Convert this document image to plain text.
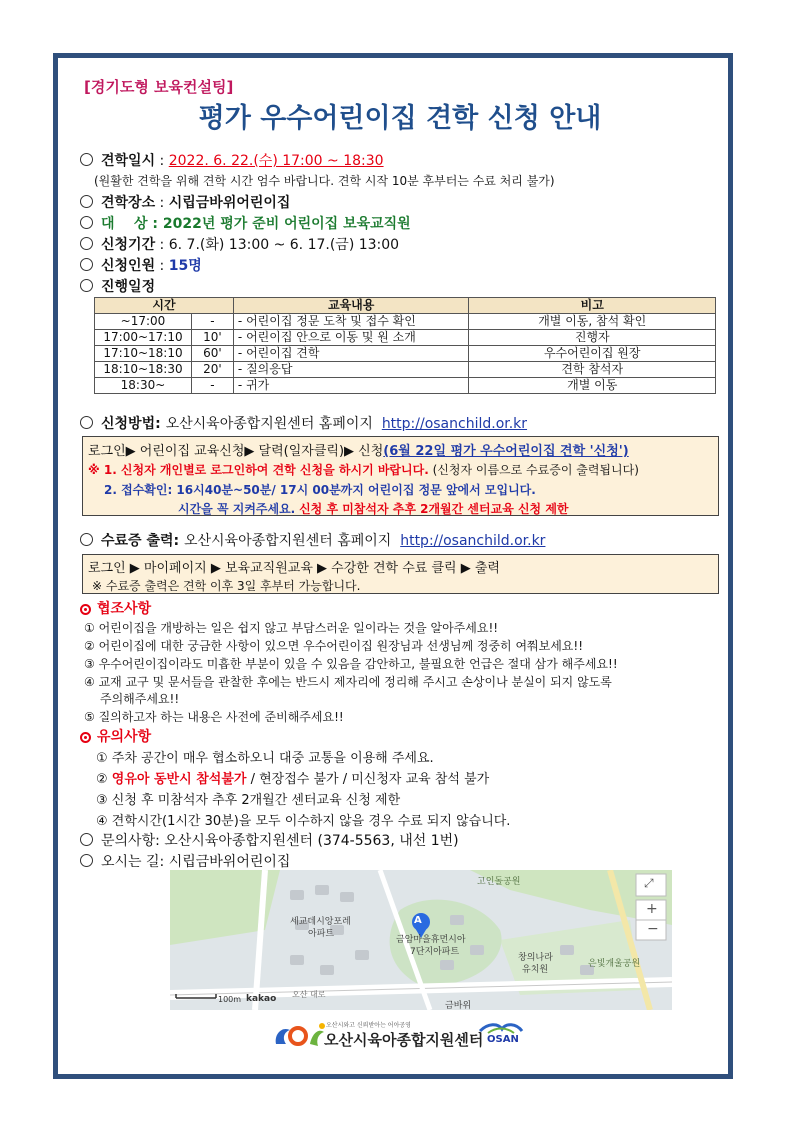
[경기도형 보육컨설팅]
평가 우수어린이집 견학 신청 안내
견학일시 : 2022. 6. 22.(수) 17:00 ~ 18:30
(원활한 견학을 위해 견학 시간 엄수 바랍니다. 견학 시작 10분 후부터는 수료 처리 불가)
견학장소 : 시립금바위어린이집
대    상 : 2022년 평가 준비 어린이집 보육교직원
신청기간 : 6. 7.(화) 13:00 ~ 6. 17.(금) 13:00
신청인원 : 15명
진행일정
시간		교육내용	비고
~17:00	-	- 어린이집 정문 도착 및 접수 확인	개별 이동, 참석 확인
17:00~17:10	10'	- 어린이집 안으로 이동 및 원 소개	진행자
17:10~18:10	60'	- 어린이집 견학	우수어린이집 원장
18:10~18:30	20'	- 질의응답	견학 참석자
18:30~	-	- 귀가	개별 이동
신청방법: 오산시육아종합지원센터 홈페이지 http://osanchild.or.kr
로그인▶ 어린이집 교육신청▶ 달력(일자클릭)▶ 신청(6월 22일 평가 우수어린이집 견학 '신청')
※ 1. 신청자 개인별로 로그인하여 견학 신청을 하시기 바랍니다. (신청자 이름으로 수료증이 출력됩니다)
2. 접수확인: 16시40분~50분/ 17시 00분까지 어린이집 정문 앞에서 모입니다.
시간을 꼭 지켜주세요. 신청 후 미참석자 추후 2개월간 센터교육 신청 제한
수료증 출력: 오산시육아종합지원센터 홈페이지 http://osanchild.or.kr
로그인 ▶ 마이페이지 ▶ 보육교직원교육 ▶ 수강한 견학 수료 클릭 ▶ 출력
※ 수료증 출력은 견학 이후 3일 후부터 가능합니다.
협조사항
① 어린이집을 개방하는 일은 쉽지 않고 부담스러운 일이라는 것을 알아주세요!!
② 어린이집에 대한 궁금한 사항이 있으면 우수어린이집 원장님과 선생님께 정중히 여쭤보세요!!
③ 우수어린이집이라도 미흡한 부분이 있을 수 있음을 감안하고, 불필요한 언급은 절대 삼가 해주세요!!
④ 교재 교구 및 문서들을 관찰한 후에는 반드시 제자리에 정리해 주시고 손상이나 분실이 되지 않도록
주의해주세요!!
⑤ 질의하고자 하는 내용은 사전에 준비해주세요!!
유의사항
① 주차 공간이 매우 협소하오니 대중 교통을 이용해 주세요.
② 영유아 동반시 참석불가 / 현장접수 불가 / 미신청자 교육 참석 불가
③ 신청 후 미참석자 추후 2개월간 센터교육 신청 제한
④ 견학시간(1시간 30분)을 모두 이수하지 않을 경우 수료 되지 않습니다.
문의사항: 오산시육아종합지원센터 (374-5563, 내선 1번)
오시는 길: 시립금바위어린이집
A
고인돌공원
세교데시앙포레
아파트
금암마을휴먼시아
7단지아파트
창의나라
유치원
은빛개울공원
오산 대로
금바위
100m kakao
⤢
+
−
오산시와고 신뢰받아는 어아공영
오산시육아종합지원센터 OSAN
